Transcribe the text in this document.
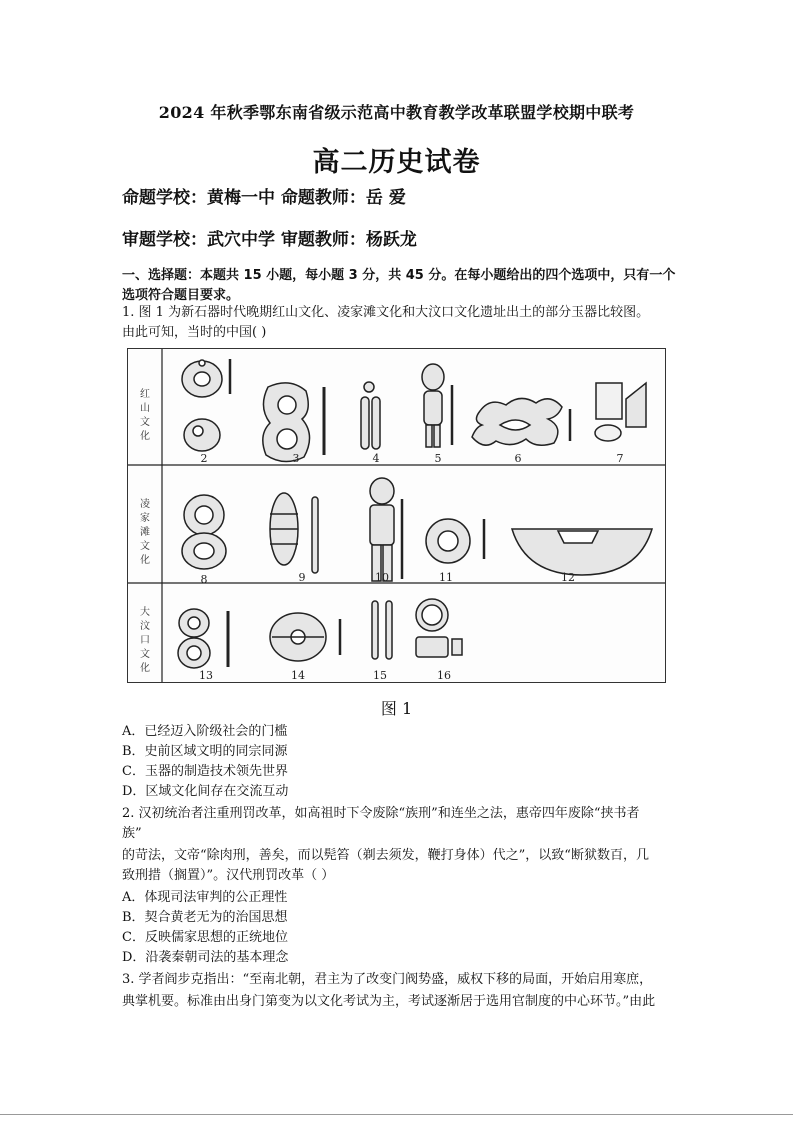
2024 年秋季鄂东南省级示范高中教育教学改革联盟学校期中联考
高二历史试卷
命题学校：黄梅一中 命题教师：岳 爱
审题学校：武穴中学 审题教师：杨跃龙
一、选择题：本题共 15 小题，每小题 3 分，共 45 分。在每小题给出的四个选项中，只有一个选项符合题目要求。
1. 图 1 为新石器时代晚期红山文化、凌家滩文化和大汶口文化遗址出土的部分玉器比较图。
由此可知，当时的中国( )
红
山
文
化
凌
家
滩
文
化
大
汶
口
文
化
2	3	4	5	6	7
8	9	10	11	12
13	14	15	16
图 1
A．已经迈入阶级社会的门槛
B．史前区域文明的同宗同源
C．玉器的制造技术领先世界
D．区域文化间存在交流互动
2. 汉初统治者注重刑罚改革，如高祖时下令废除“族刑”和连坐之法，惠帝四年废除“挟书者
族”
的苛法，文帝“除肉刑，善矣，而以髡笞（剃去须发，鞭打身体）代之”，以致“断狱数百，几
致刑措（搁置）”。汉代刑罚改革（ ）
A．体现司法审判的公正理性
B．契合黄老无为的治国思想
C．反映儒家思想的正统地位
D．沿袭秦朝司法的基本理念
3. 学者阎步克指出：“至南北朝，君主为了改变门阀势盛，威权下移的局面，开始启用寒庶，
典掌机要。标准由出身门第变为以文化考试为主，考试逐渐居于选用官制度的中心环节。”由此
